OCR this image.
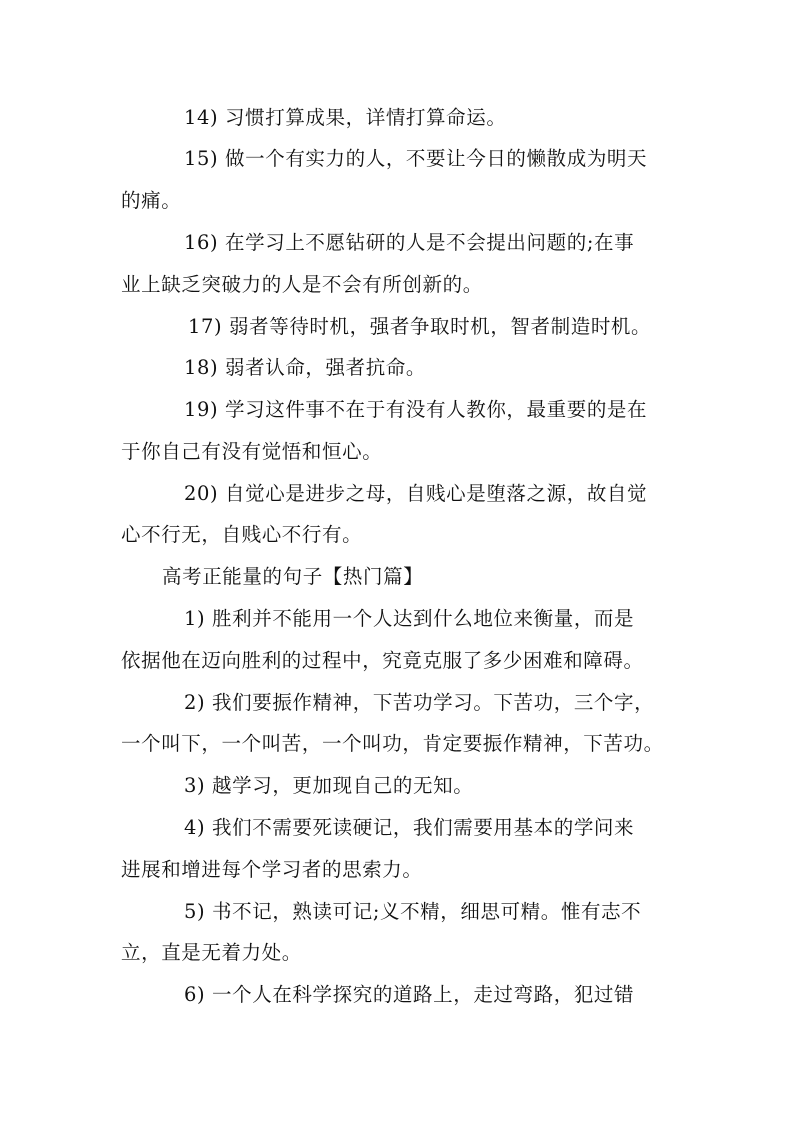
14) 习惯打算成果，详情打算命运。
15) 做一个有实力的人，不要让今日的懒散成为明天
的痛。
16) 在学习上不愿钻研的人是不会提出问题的;在事
业上缺乏突破力的人是不会有所创新的。
17) 弱者等待时机，强者争取时机，智者制造时机。
18) 弱者认命，强者抗命。
19) 学习这件事不在于有没有人教你，最重要的是在
于你自己有没有觉悟和恒心。
20) 自觉心是进步之母，自贱心是堕落之源，故自觉
心不行无，自贱心不行有。
高考正能量的句子【热门篇】
1) 胜利并不能用一个人达到什么地位来衡量，而是
依据他在迈向胜利的过程中，究竟克服了多少困难和障碍。
2) 我们要振作精神，下苦功学习。下苦功，三个字，
一个叫下，一个叫苦，一个叫功，肯定要振作精神，下苦功。
3) 越学习，更加现自己的无知。
4) 我们不需要死读硬记，我们需要用基本的学问来
进展和增进每个学习者的思索力。
5) 书不记，熟读可记;义不精，细思可精。惟有志不
立，直是无着力处。
6) 一个人在科学探究的道路上，走过弯路，犯过错
